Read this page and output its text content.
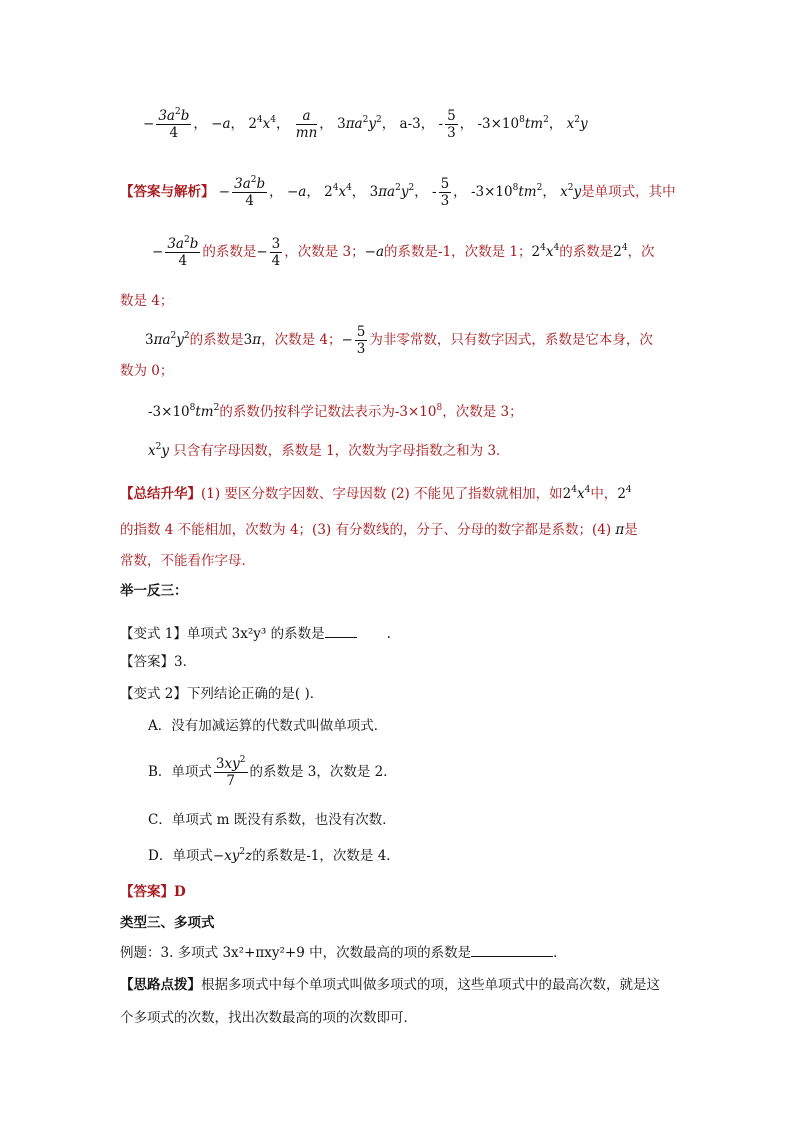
− $\frac{3a^2b}{4}$ ， −a， $2^4x^4$， $\frac{a}{mn}$ ， $3\pi a^2y^2$， a-3， - $\frac{5}{3}$ ， $-3\times 10^8tm^2$， $x^2y$
【答案与解析】 − $\frac{3a^2b}{4}$ ， −a， $2^4x^4$， $3\pi a^2y^2$， - $\frac{5}{3}$ ， $-3\times 10^8tm^2$， $x^2y$是单项式，其中
− $\frac{3a^2b}{4}$ 的系数是− $\frac{3}{4}$ ，次数是 3；−a的系数是-1，次数是 1；$2^4x^4$的系数是$2^4$，次
数是 4；
$3\pi a^2y^2$的系数是3π，次数是 4；− $\frac{5}{3}$ 为非零常数，只有数字因式，系数是它本身，次
数为 0；
$-3\times 10^8tm^2$的系数仍按科学记数法表示为$-3\times 10^8$，次数是 3；
$x^2y$ 只含有字母因数，系数是 1，次数为字母指数之和为 3．
【总结升华】(1) 要区分数字因数、字母因数 (2) 不能见了指数就相加，如$2^4x^4$中，$2^4$
的指数 4 不能相加，次数为 4；(3) 有分数线的，分子、分母的数字都是系数；(4) π是
常数，不能看作字母．
举一反三：
【变式 1】单项式 3x²y³ 的系数是	.
【答案】3．
【变式 2】下列结论正确的是( )．
A．没有加减运算的代数式叫做单项式．
B．单项式 $\frac{3xy^2}{7}$ 的系数是 3，次数是 2．
C．单项式 m 既没有系数，也没有次数．
D．单项式$-xy^2z$的系数是-1，次数是 4．
【答案】D
类型三、多项式
例题：3. 多项式 3x²+πxy²+9 中，次数最高的项的系数是	．
【思路点拨】根据多项式中每个单项式叫做多项式的项，这些单项式中的最高次数，就是这
个多项式的次数，找出次数最高的项的次数即可．
